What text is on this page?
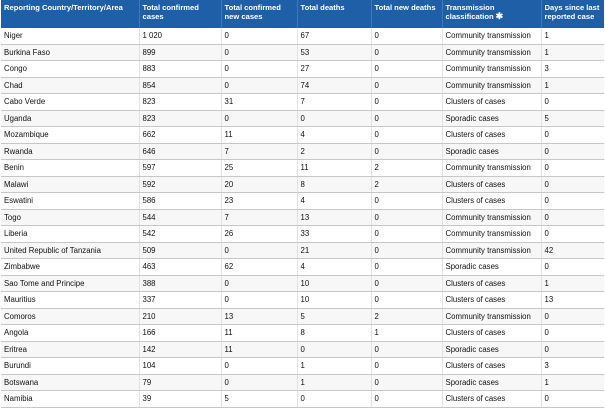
Reporting Country/Territory/Area	Total confirmed cases	Total confirmed new cases	Total deaths	Total new deaths	Transmission classification ✱	Days since last reported case
Niger	1 020	0	67	0	Community transmission	1
Burkina Faso	899	0	53	0	Community transmission	1
Congo	883	0	27	0	Community transmission	3
Chad	854	0	74	0	Community transmission	1
Cabo Verde	823	31	7	0	Clusters of cases	0
Uganda	823	0	0	0	Sporadic cases	5
Mozambique	662	11	4	0	Clusters of cases	0
Rwanda	646	7	2	0	Sporadic cases	0
Benin	597	25	11	2	Community transmission	0
Malawi	592	20	8	2	Clusters of cases	0
Eswatini	586	23	4	0	Clusters of cases	0
Togo	544	7	13	0	Community transmission	0
Liberia	542	26	33	0	Community transmission	0
United Republic of Tanzania	509	0	21	0	Community transmission	42
Zimbabwe	463	62	4	0	Sporadic cases	0
Sao Tome and Principe	388	0	10	0	Clusters of cases	1
Mauritius	337	0	10	0	Clusters of cases	13
Comoros	210	13	5	2	Community transmission	0
Angola	166	11	8	1	Clusters of cases	0
Eritrea	142	11	0	0	Sporadic cases	0
Burundi	104	0	1	0	Clusters of cases	3
Botswana	79	0	1	0	Sporadic cases	1
Namibia	39	5	0	0	Clusters of cases	0
